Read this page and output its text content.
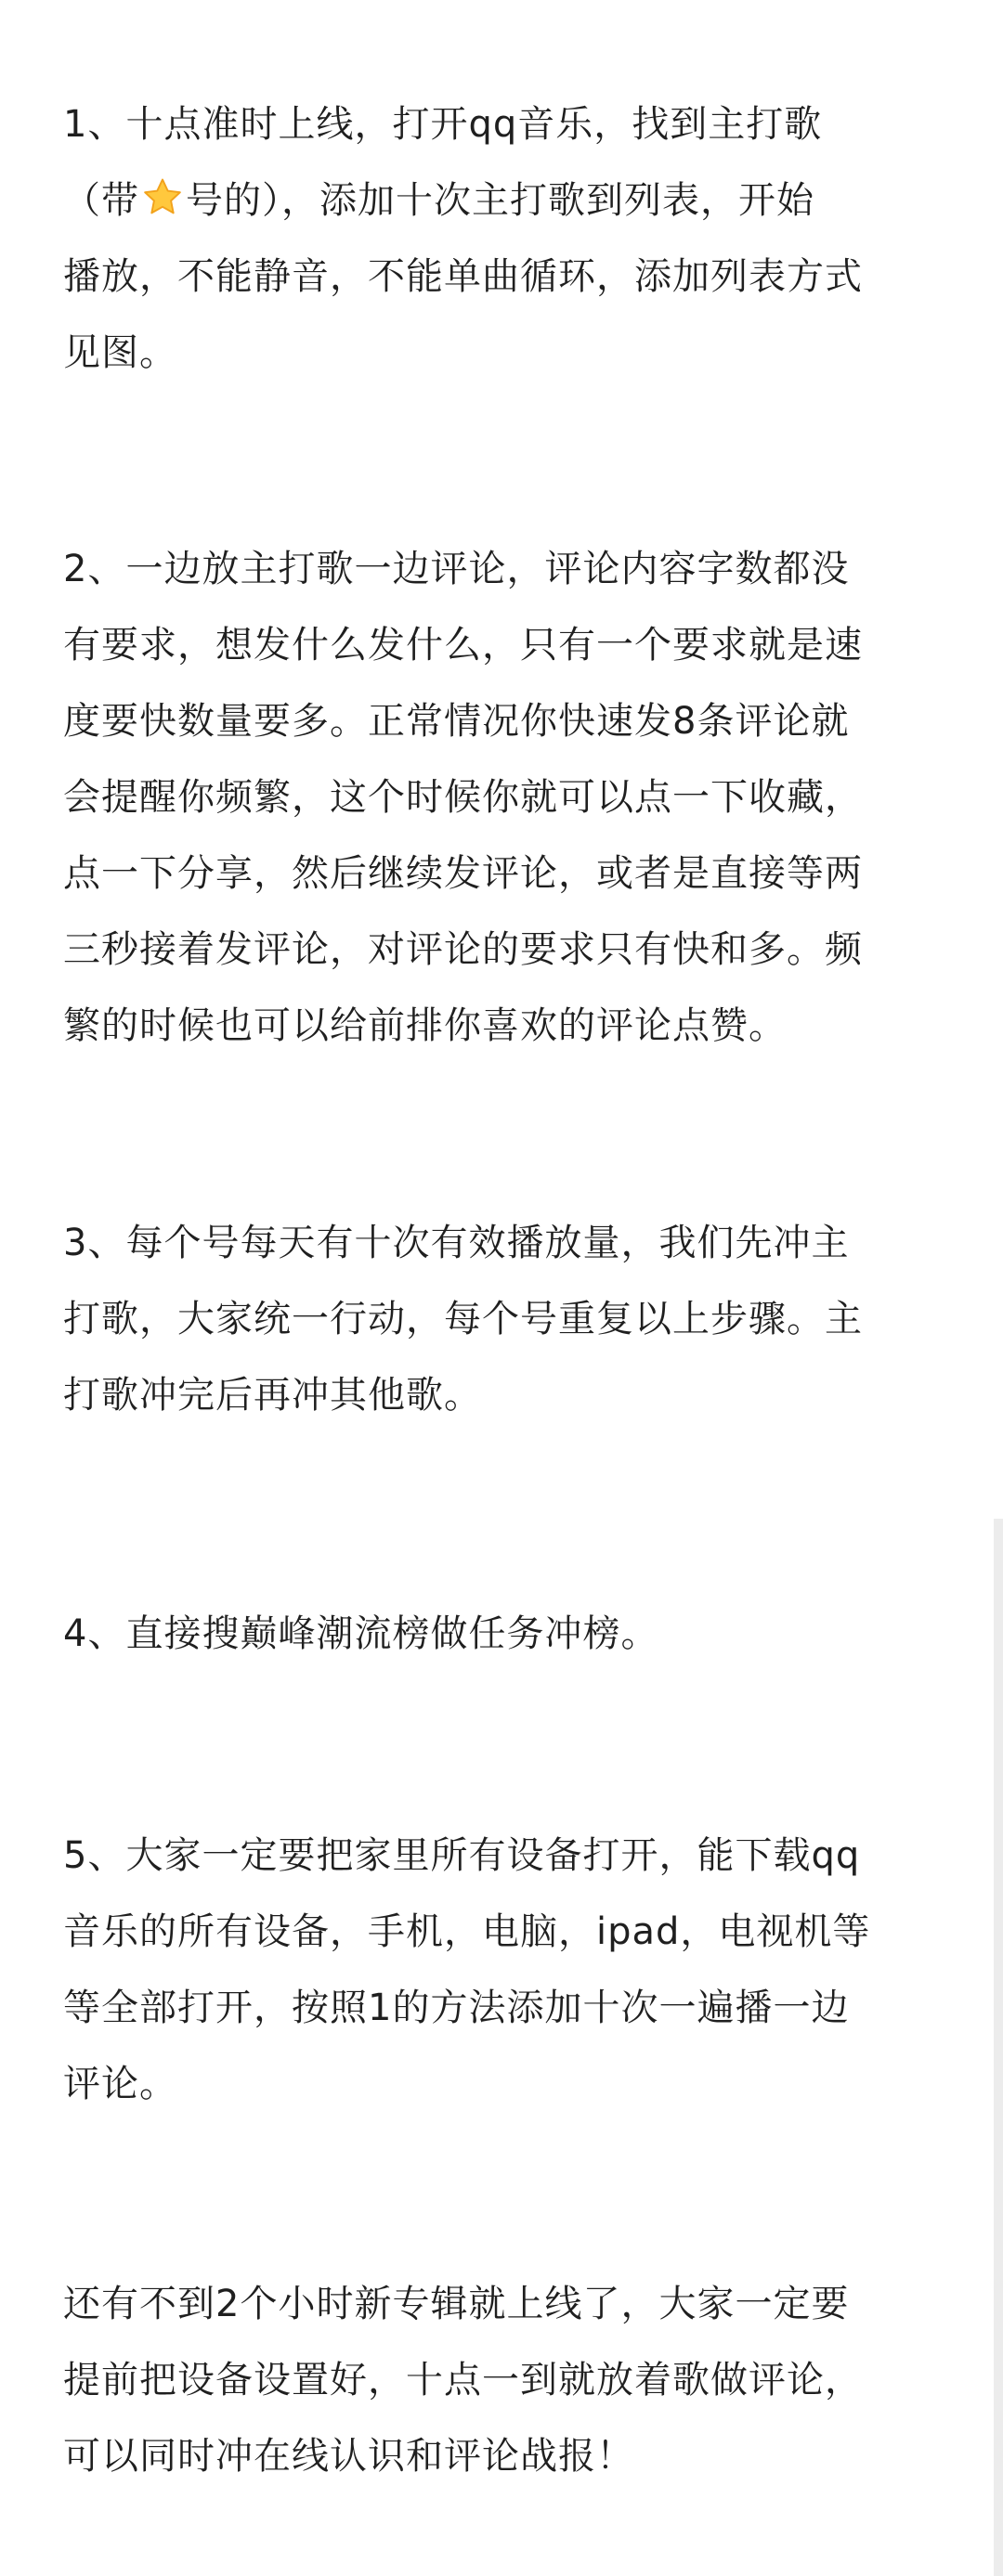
1、十点准时上线，打开qq音乐，找到主打歌
（带 号的），添加十次主打歌到列表，开始
播放，不能静音，不能单曲循环，添加列表方式
见图。
2、一边放主打歌一边评论，评论内容字数都没
有要求，想发什么发什么，只有一个要求就是速
度要快数量要多。正常情况你快速发8条评论就
会提醒你频繁，这个时候你就可以点一下收藏，
点一下分享，然后继续发评论，或者是直接等两
三秒接着发评论，对评论的要求只有快和多。频
繁的时候也可以给前排你喜欢的评论点赞。
3、每个号每天有十次有效播放量，我们先冲主
打歌，大家统一行动，每个号重复以上步骤。主
打歌冲完后再冲其他歌。
4、直接搜巅峰潮流榜做任务冲榜。
5、大家一定要把家里所有设备打开，能下载qq
音乐的所有设备，手机，电脑，ipad，电视机等
等全部打开，按照1的方法添加十次一遍播一边
评论。
还有不到2个小时新专辑就上线了，大家一定要
提前把设备设置好，十点一到就放着歌做评论，
可以同时冲在线认识和评论战报！
